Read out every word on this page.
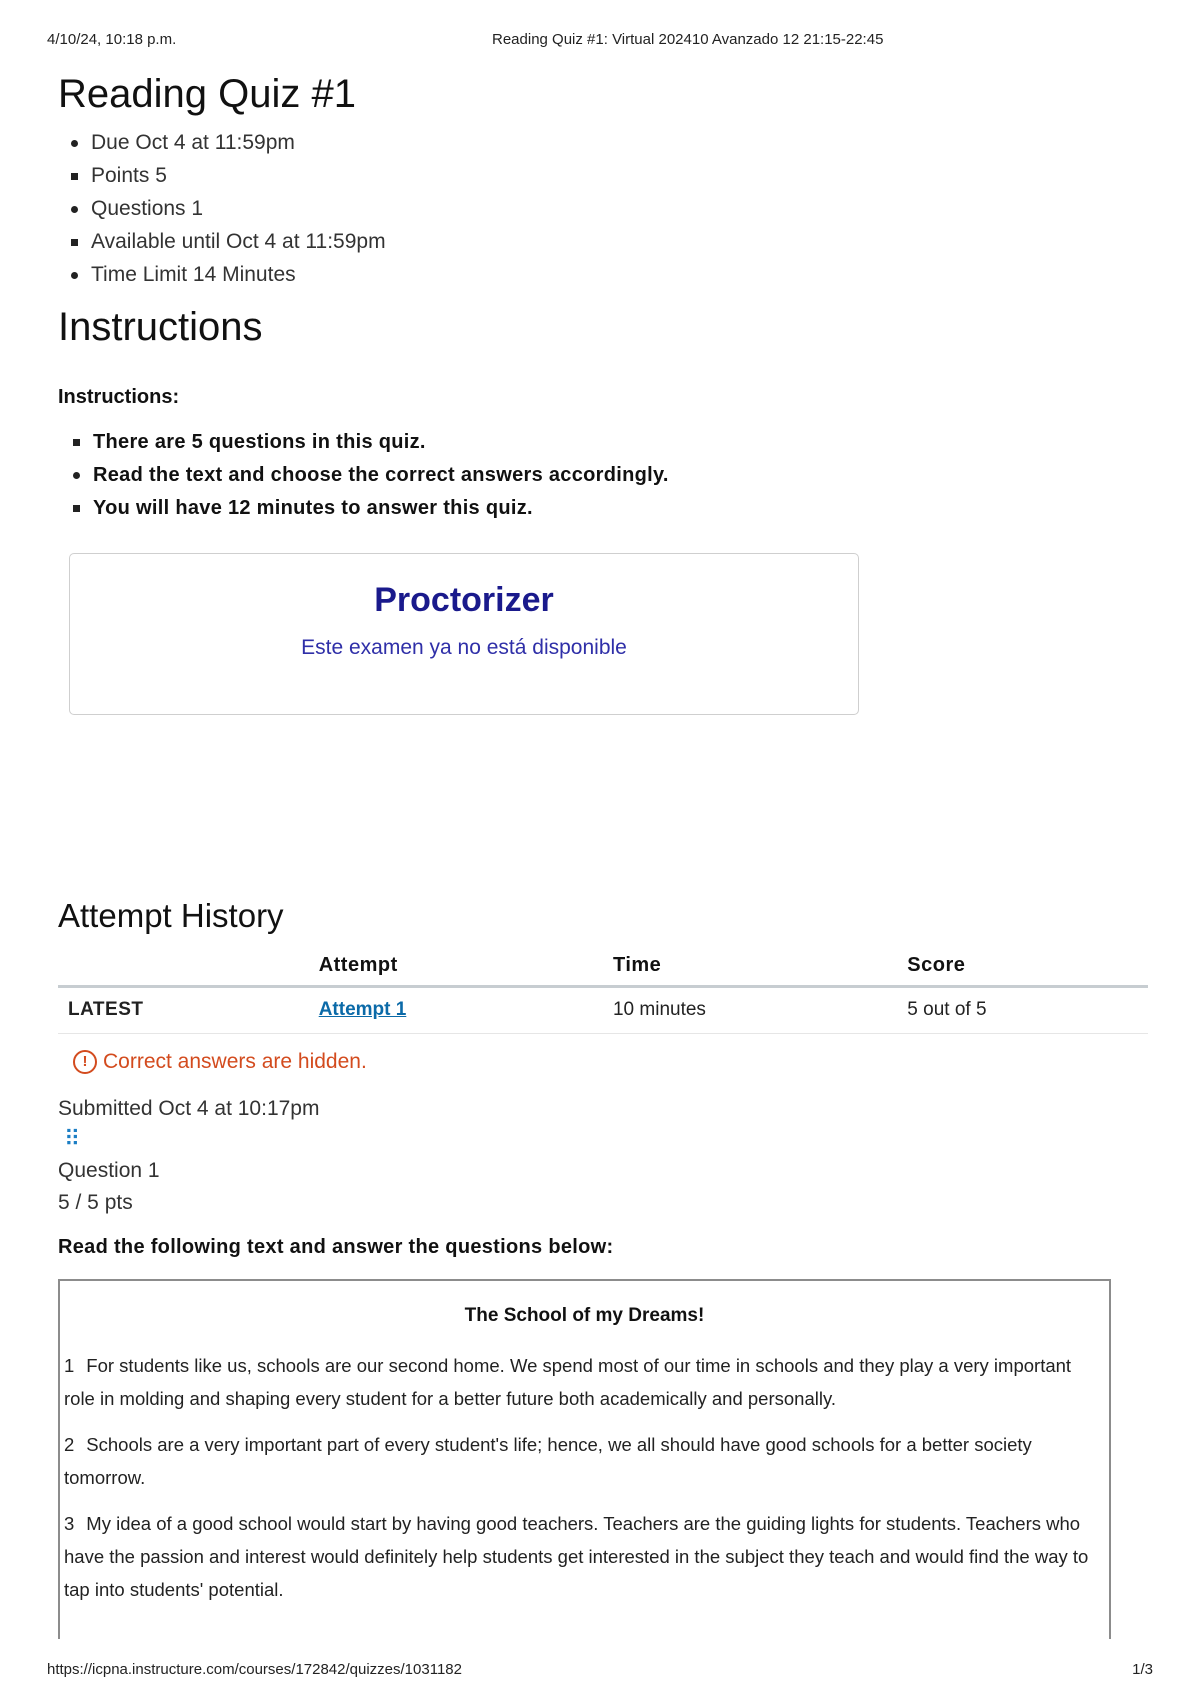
4/10/24, 10:18 p.m.	Reading Quiz #1: Virtual 202410 Avanzado 12 21:15-22:45
Reading Quiz #1
Due Oct 4 at 11:59pm
Points 5
Questions 1
Available until Oct 4 at 11:59pm
Time Limit 14 Minutes
Instructions
Instructions:
There are 5 questions in this quiz.
Read the text and choose the correct answers accordingly.
You will have 12 minutes to answer this quiz.
Proctorizer
Este examen ya no está disponible
Attempt History
	Attempt	Time	Score
LATEST	Attempt 1	10 minutes	5 out of 5
! Correct answers are hidden.
Submitted Oct 4 at 10:17pm
⠿
Question 1
5 / 5 pts
Read the following text and answer the questions below:
The School of my Dreams!
1 For students like us, schools are our second home. We spend most of our time in schools and they play a very important role in molding and shaping every student for a better future both academically and personally.
2 Schools are a very important part of every student's life; hence, we all should have good schools for a better society tomorrow.
3 My idea of a good school would start by having good teachers. Teachers are the guiding lights for students. Teachers who have the passion and interest would definitely help students get interested in the subject they teach and would find the way to tap into students' potential.
https://icpna.instructure.com/courses/172842/quizzes/1031182	1/3
